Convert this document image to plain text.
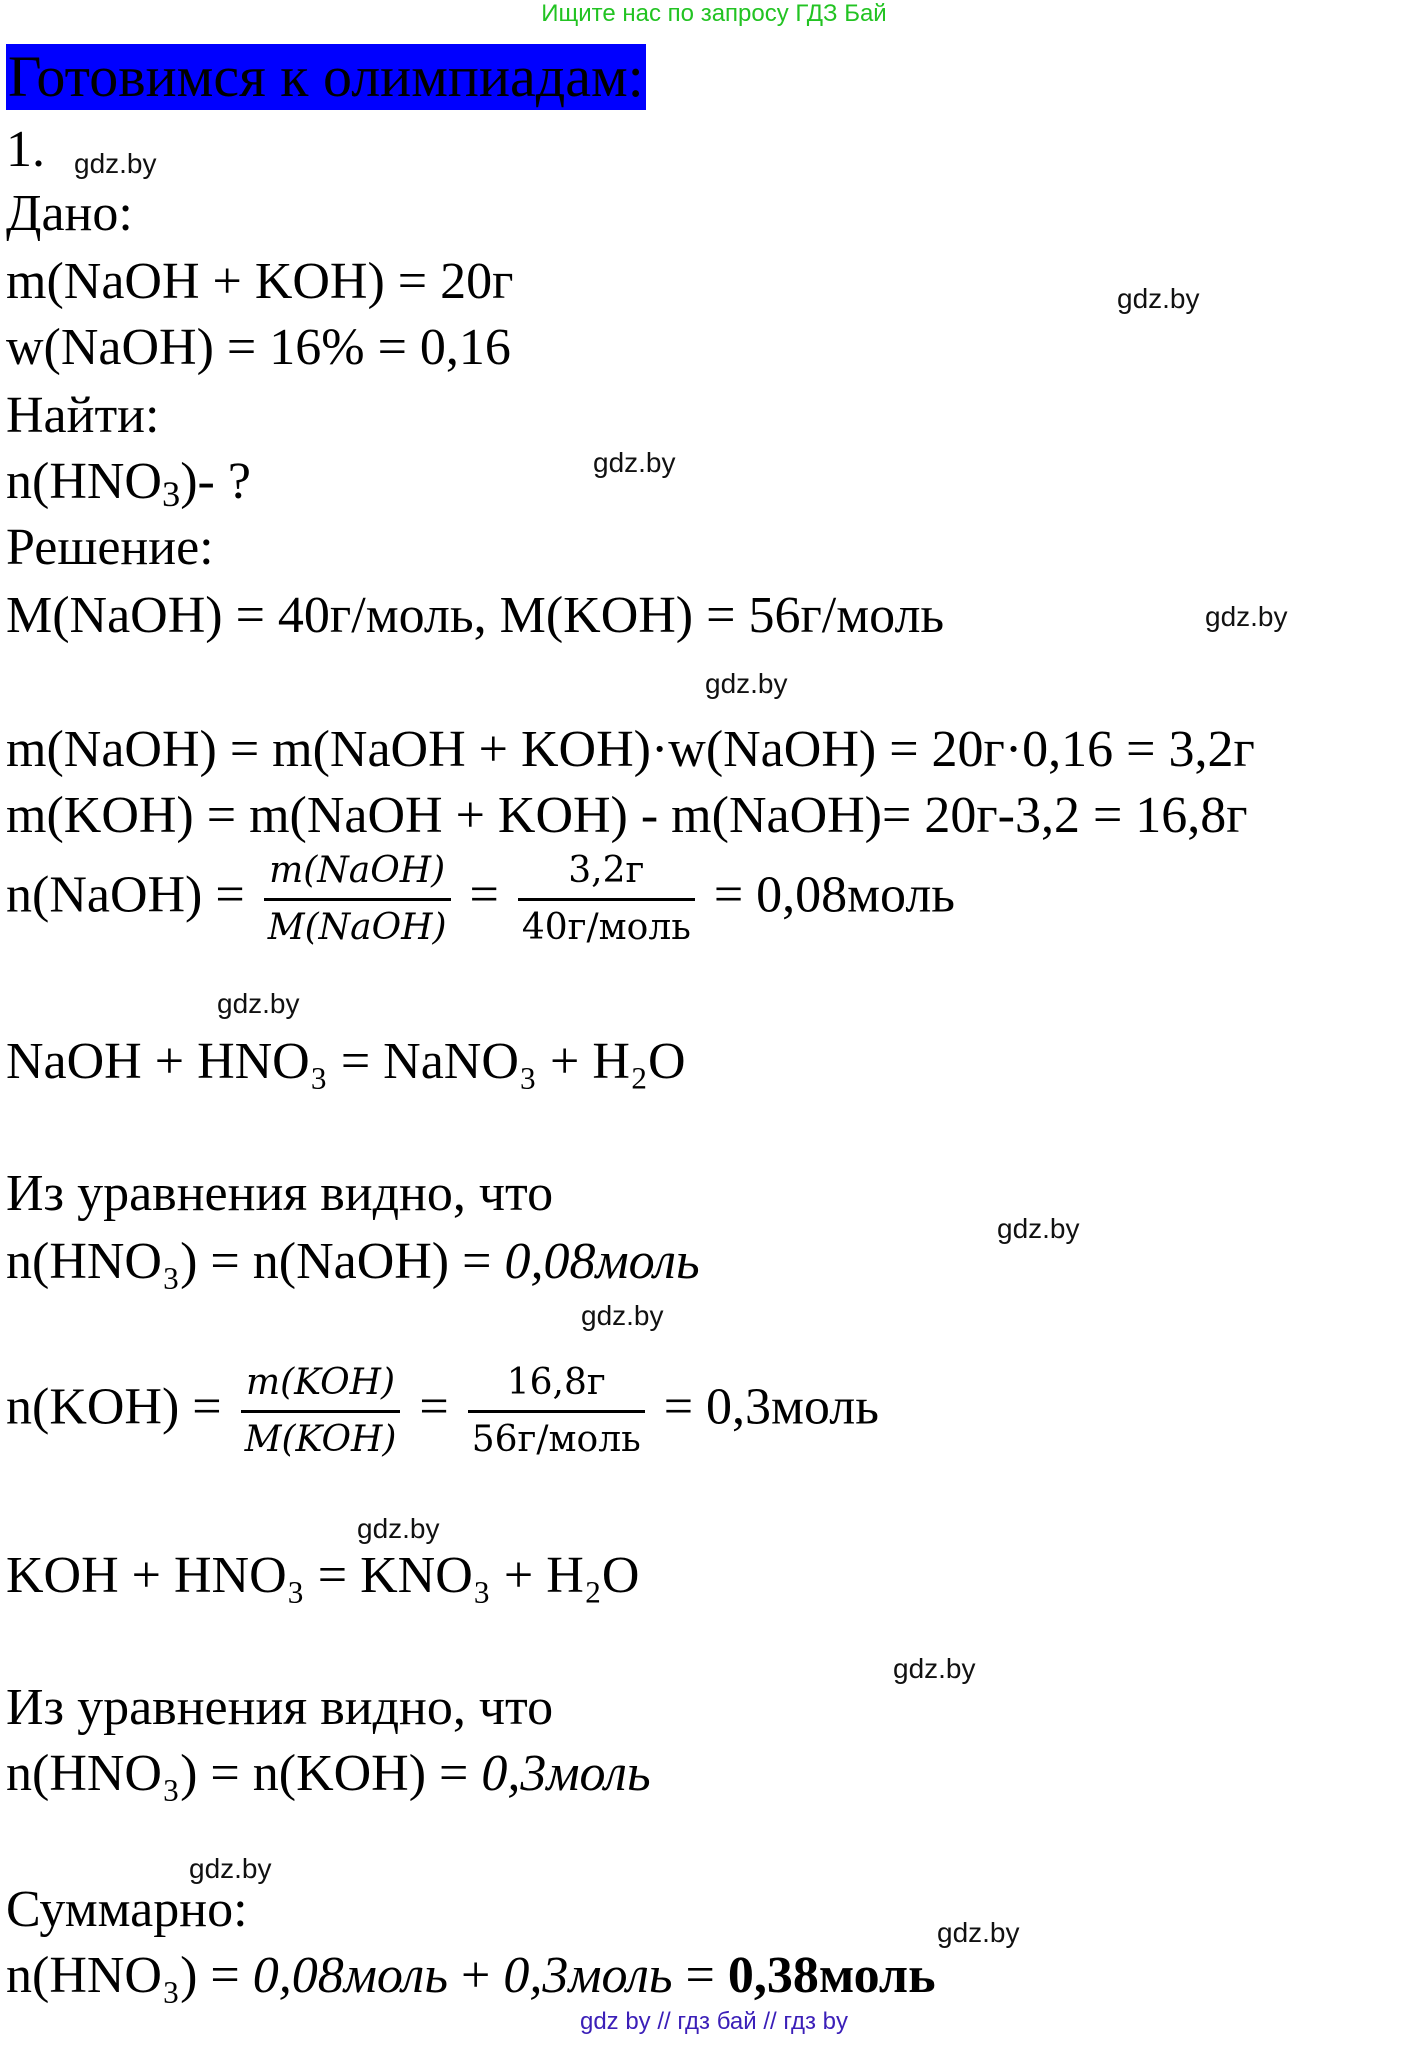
Ищите нас по запросу ГДЗ Бай
Готовимся к олимпиадам:
1.
Дано:
m(NaOH + KOH) = 20г
w(NaOH) = 16% = 0,16
Найти:
$n(HNO_3)-$ ?
Решение:
M(NaOH) = 40г/моль, M(KOH) = 56г/моль
m(NaOH) = m(NaOH + KOH)·w(NaOH) = 20г·0,16 = 3,2г
m(KOH) = m(NaOH + KOH) - m(NaOH)= 20г-3,2 = 16,8г
n(NaOH) = $\frac{\text{m(NaOH)}}{\text{M(NaOH)}} = \frac{3,2г}{\text{40г/моль}}$ = 0,08моль
NaOH + HNO₃ = NaNO₃ + H₂O
Из уравнения видно, что
n(HNO₃) = n(NaOH) = 0,08моль
$n(KOH) = \frac{\text{m(KOH)}}{\text{M(KOH)}} = \frac{16,8г}{\text{56г/моль}}$ = 0,3моль
KOH + HNO₃ = KNO₃ + H₂O
Из уравнения видно, что
n(HNO₃) = n(KOH) = 0,3моль
Суммарно:
n(HNO₃) = 0,08моль + 0,3моль = 0,38моль
gdz.by
gdz.by
gdz.by
gdz.by
gdz.by
gdz.by
gdz.by
gdz.by
gdz.by
gdz.by
gdz.by
gdz.by
gdz by // гдз бай // гдз by
